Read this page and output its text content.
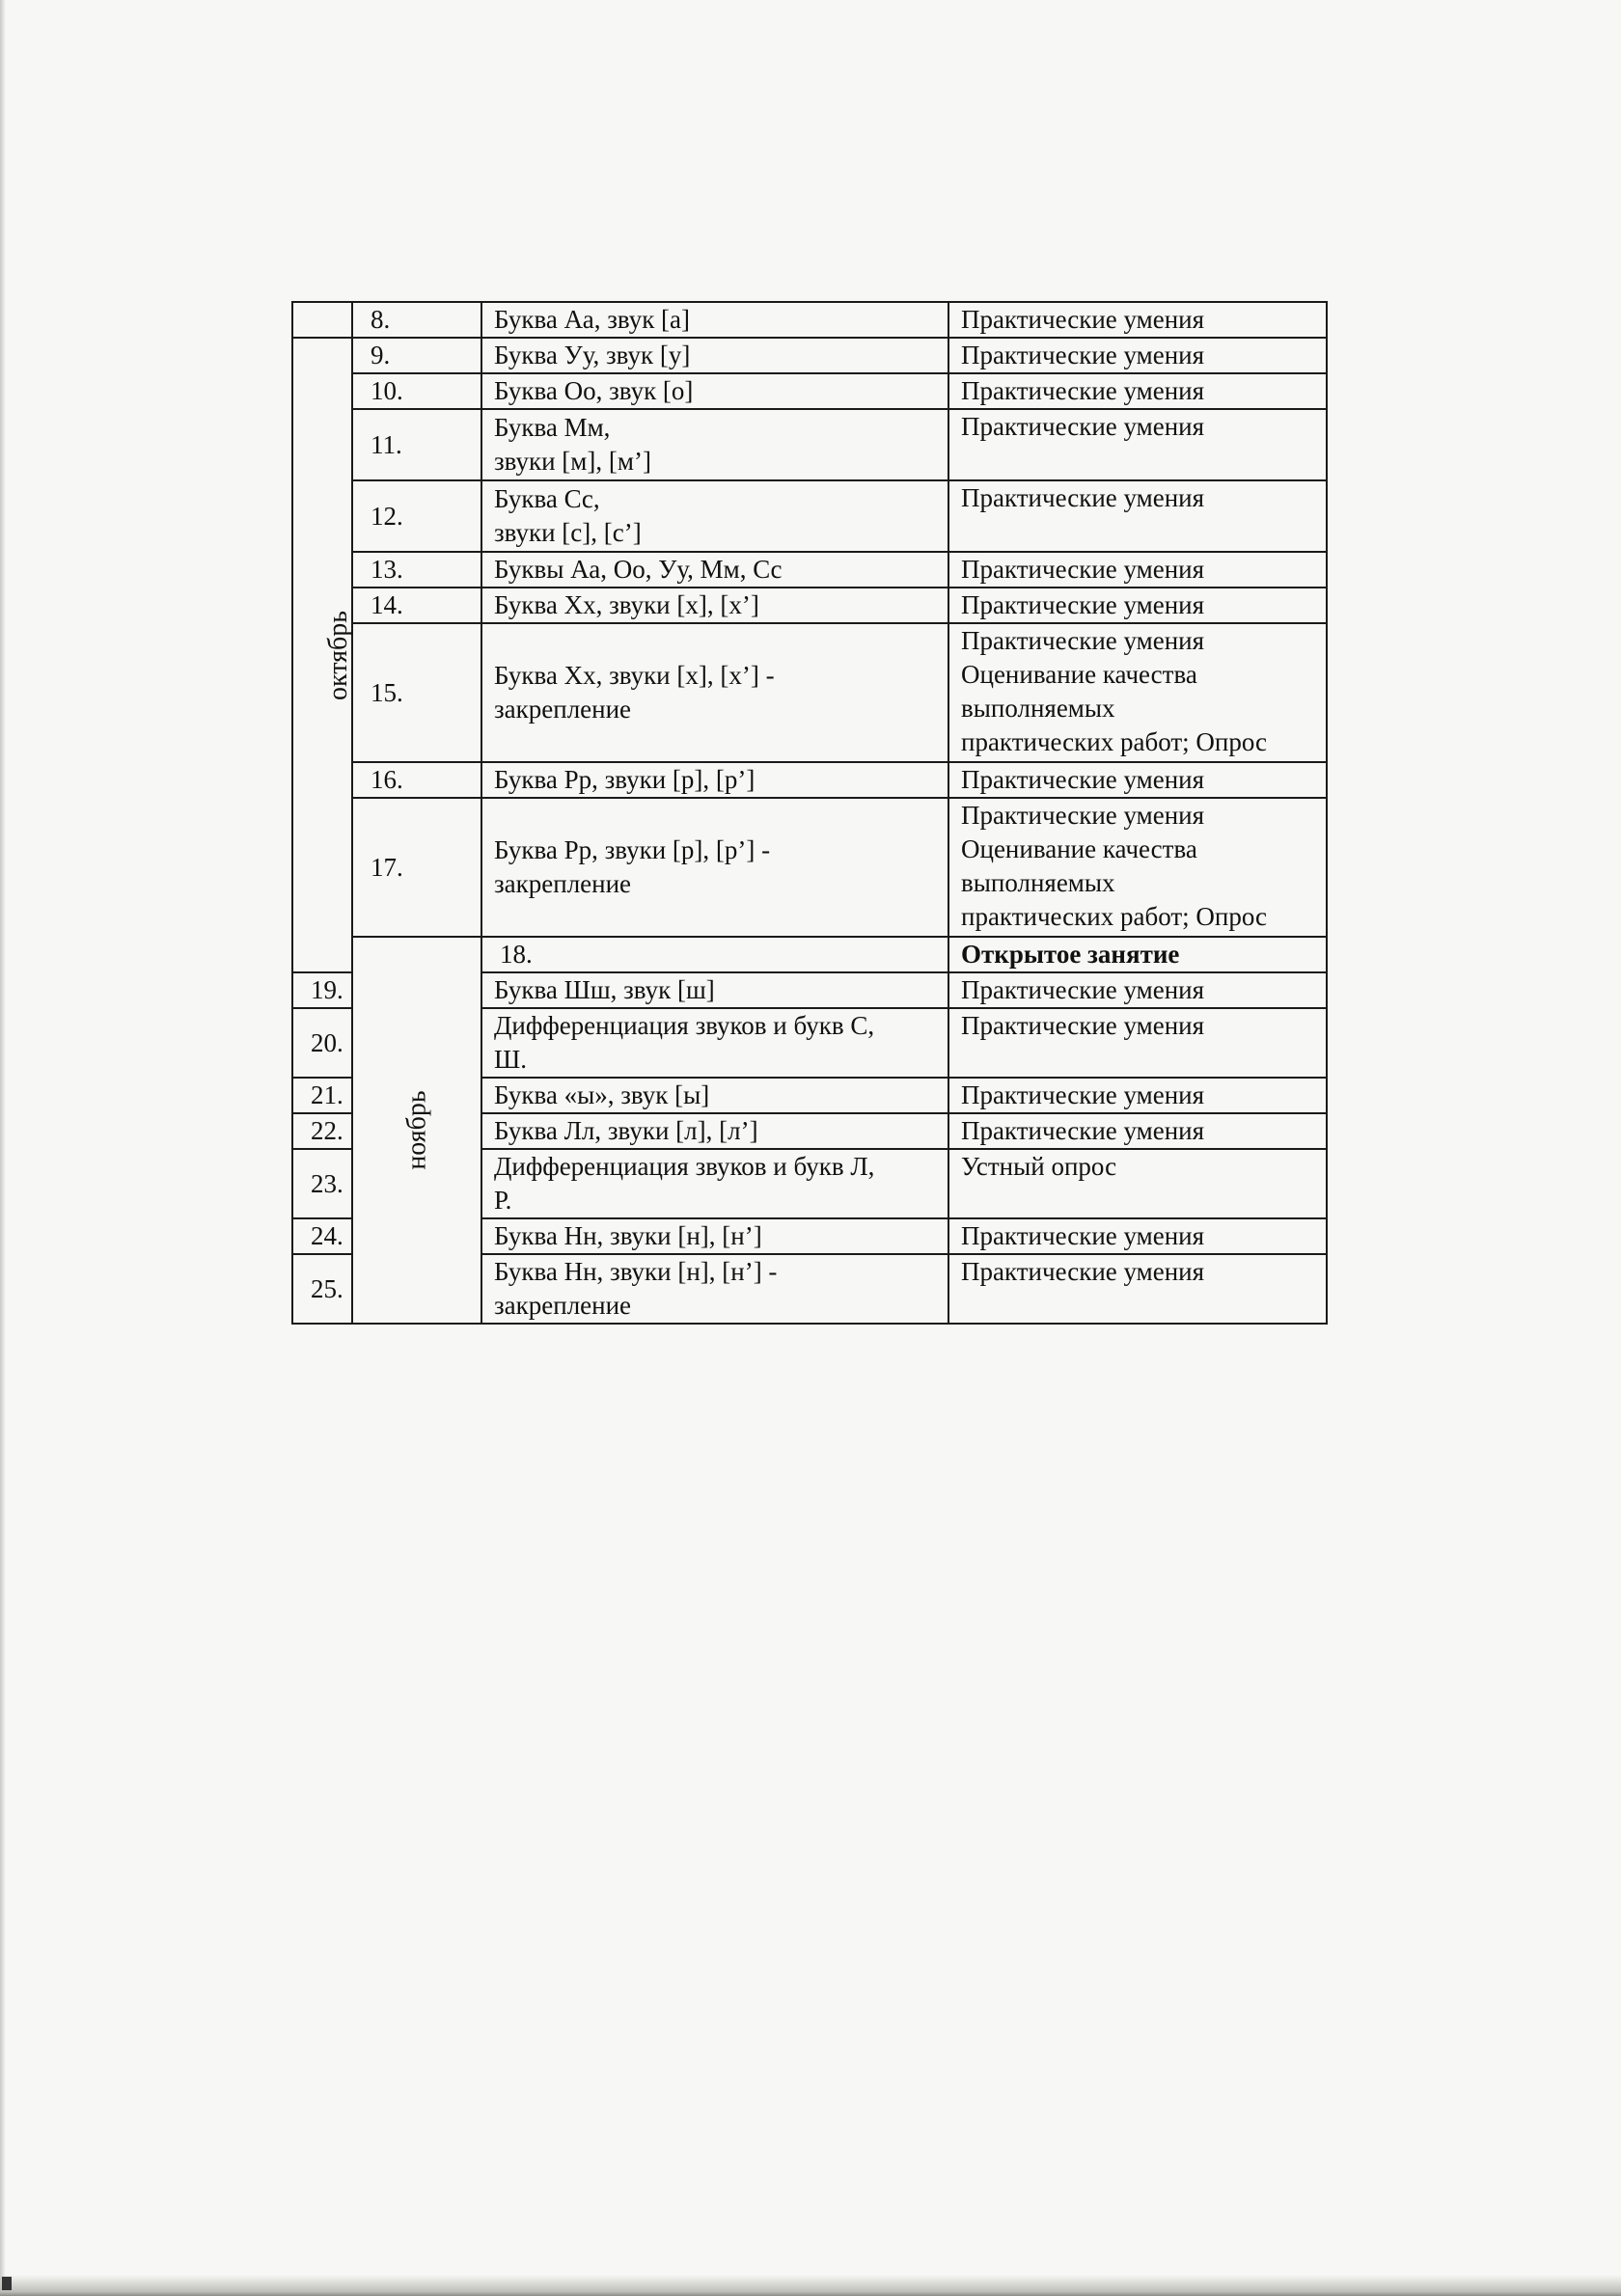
	8.	Буква Аа, звук [а]	Практические умения	

октябрь	9.	Буква Уу, звук [у]	Практические умения	

	10.	Буква Оо, звук [о]	Практические умения	

	11.	Буква Мм,
звуки [м], [м’]	Практические умения	

	12.	Буква Сс,
звуки [с], [с’]	Практические умения	

	13.	Буквы Аа, Оо, Уу, Мм, Сс	Практические умения	

	14.	Буква Хх, звуки [х], [х’]	Практические умения	

	15.	Буква Хх, звуки [х], [х’] -
закрепление	Практические умения
Оценивание качества
выполняемых
практических работ; Опрос	

	16.	Буква Рр, звуки [р], [р’]	Практические умения	

	17.	Буква Рр, звуки [р], [р’] -
закрепление	Практические умения
Оценивание качества
выполняемых
практических работ; Опрос	

	ноябрь	18.	Открытое занятие	
19.		Буква Шш, звук [ш]	Практические умения	

20.		Дифференциация звуков и букв С,
Ш.	Практические умения	

21.		Буква «ы», звук [ы]	Практические умения	

22.		Буква Лл, звуки [л], [л’]	Практические умения	

23.		Дифференциация звуков и букв Л,
Р.	Устный опрос	

24.		Буква Нн, звуки [н], [н’]	Практические умения	

25.		Буква Нн, звуки [н], [н’] -
закрепление	Практические умения	
